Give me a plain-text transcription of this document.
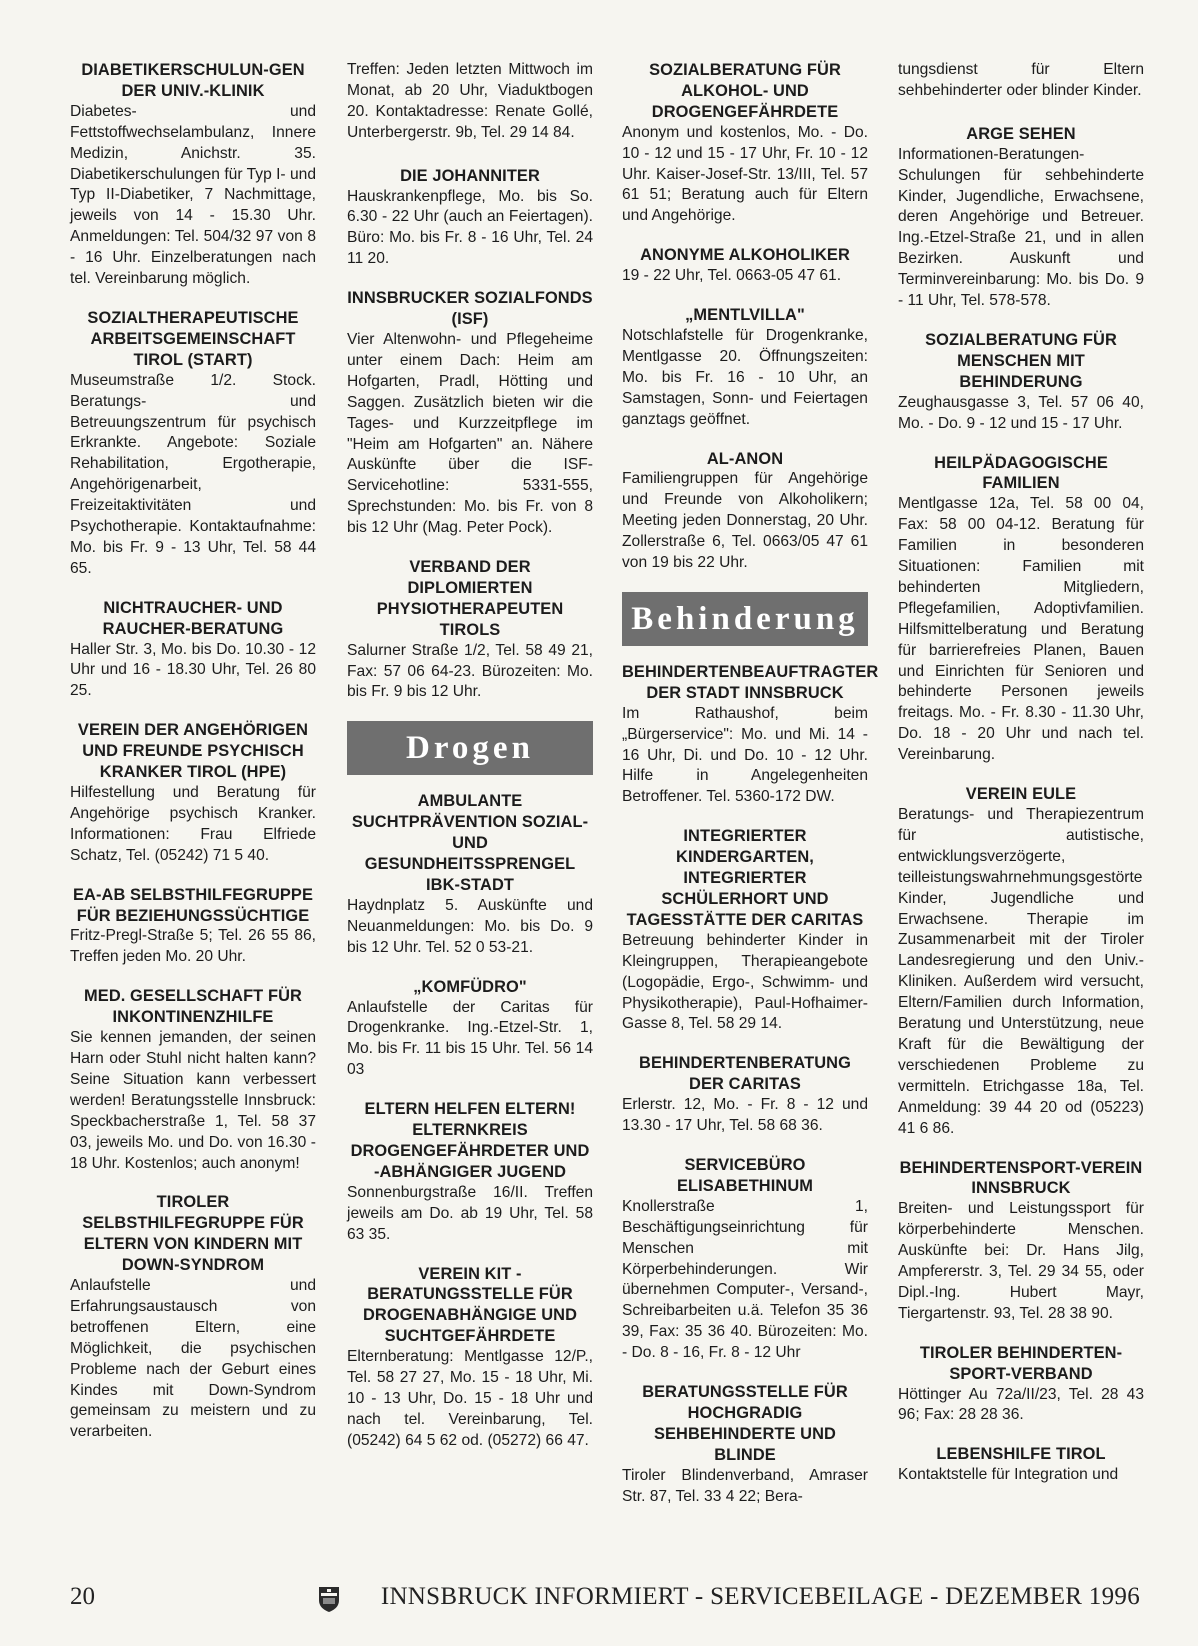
DIABETIKERSCHULUN-GEN DER UNIV.-KLINIK

Diabetes- und Fettstoffwechselambulanz, Innere Medizin, Anichstr. 35. Diabetikerschulungen für Typ I- und Typ II-Diabetiker, 7 Nachmittage, jeweils von 14 - 15.30 Uhr. Anmeldungen: Tel. 504/32 97 von 8 - 16 Uhr. Einzelberatungen nach tel. Vereinbarung möglich.

SOZIALTHERAPEUTISCHE ARBEITSGEMEINSCHAFT TIROL (START)

Museumstraße 1/2. Stock. Beratungs- und Betreuungszentrum für psychisch Erkrankte. Angebote: Soziale Rehabilitation, Ergotherapie, Angehörigenarbeit, Freizeitaktivitäten und Psychotherapie. Kontaktaufnahme: Mo. bis Fr. 9 - 13 Uhr, Tel. 58 44 65.

NICHTRAUCHER- UND RAUCHER-BERATUNG

Haller Str. 3, Mo. bis Do. 10.30 - 12 Uhr und 16 - 18.30 Uhr, Tel. 26 80 25.

VEREIN DER ANGEHÖRIGEN UND FREUNDE PSYCHISCH KRANKER TIROL (HPE)

Hilfestellung und Beratung für Angehörige psychisch Kranker. Informationen: Frau Elfriede Schatz, Tel. (05242) 71 5 40.

EA-AB SELBSTHILFEGRUPPE FÜR BEZIEHUNGSSÜCHTIGE

Fritz-Pregl-Straße 5; Tel. 26 55 86, Treffen jeden Mo. 20 Uhr.

MED. GESELLSCHAFT FÜR INKONTINENZHILFE

Sie kennen jemanden, der seinen Harn oder Stuhl nicht halten kann? Seine Situation kann verbessert werden! Beratungsstelle Innsbruck: Speckbacherstraße 1, Tel. 58 37 03, jeweils Mo. und Do. von 16.30 - 18 Uhr. Kostenlos; auch anonym!

TIROLER SELBSTHILFEGRUPPE FÜR ELTERN VON KINDERN MIT DOWN-SYNDROM

Anlaufstelle und Erfahrungsaustausch von betroffenen Eltern, eine Möglichkeit, die psychischen Probleme nach der Geburt eines Kindes mit Down-Syndrom gemeinsam zu meistern und zu verarbeiten.

Treffen: Jeden letzten Mittwoch im Monat, ab 20 Uhr, Viaduktbogen 20. Kontaktadresse: Renate Gollé, Unterbergerstr. 9b, Tel. 29 14 84.

DIE JOHANNITER

Hauskrankenpflege, Mo. bis So. 6.30 - 22 Uhr (auch an Feiertagen). Büro: Mo. bis Fr. 8 - 16 Uhr, Tel. 24 11 20.

INNSBRUCKER SOZIALFONDS (ISF)

Vier Altenwohn- und Pflegeheime unter einem Dach: Heim am Hofgarten, Pradl, Hötting und Saggen. Zusätzlich bieten wir die Tages- und Kurzzeitpflege im "Heim am Hofgarten" an. Nähere Auskünfte über die ISF-Servicehotline: 5331-555, Sprechstunden: Mo. bis Fr. von 8 bis 12 Uhr (Mag. Peter Pock).

VERBAND DER DIPLOMIERTEN PHYSIOTHERAPEUTEN TIROLS

Salurner Straße 1/2, Tel. 58 49 21, Fax: 57 06 64-23. Bürozeiten: Mo. bis Fr. 9 bis 12 Uhr.

Drogen
AMBULANTE SUCHTPRÄVENTION SOZIAL- UND GESUNDHEITSSPRENGEL IBK-STADT

Haydnplatz 5. Auskünfte und Neuanmeldungen: Mo. bis Do. 9 bis 12 Uhr. Tel. 52 0 53-21.

„KOMFÜDRO"

Anlaufstelle der Caritas für Drogenkranke. Ing.-Etzel-Str. 1, Mo. bis Fr. 11 bis 15 Uhr. Tel. 56 14 03

ELTERN HELFEN ELTERN! ELTERNKREIS DROGENGEFÄHRDETER UND -ABHÄNGIGER JUGEND

Sonnenburgstraße 16/II. Treffen jeweils am Do. ab 19 Uhr, Tel. 58 63 35.

VEREIN KIT - BERATUNGSSTELLE FÜR DROGENABHÄNGIGE UND SUCHTGEFÄHRDETE

Elternberatung: Mentlgasse 12/P., Tel. 58 27 27, Mo. 15 - 18 Uhr, Mi. 10 - 13 Uhr, Do. 15 - 18 Uhr und nach tel. Vereinbarung, Tel. (05242) 64 5 62 od. (05272) 66 47.

SOZIALBERATUNG FÜR ALKOHOL- UND DROGENGEFÄHRDETE

Anonym und kostenlos, Mo. - Do. 10 - 12 und 15 - 17 Uhr, Fr. 10 - 12 Uhr. Kaiser-Josef-Str. 13/III, Tel. 57 61 51; Beratung auch für Eltern und Angehörige.

ANONYME ALKOHOLIKER

19 - 22 Uhr, Tel. 0663-05 47 61.

„MENTLVILLA"

Notschlafstelle für Drogenkranke, Mentlgasse 20. Öffnungszeiten: Mo. bis Fr. 16 - 10 Uhr, an Samstagen, Sonn- und Feiertagen ganztags geöffnet.

AL-ANON

Familiengruppen für Angehörige und Freunde von Alkoholikern; Meeting jeden Donnerstag, 20 Uhr. Zollerstraße 6, Tel. 0663/05 47 61 von 19 bis 22 Uhr.

Behinderung
BEHINDERTENBEAUFTRAGTER DER STADT INNSBRUCK

Im Rathaushof, beim „Bürgerservice": Mo. und Mi. 14 - 16 Uhr, Di. und Do. 10 - 12 Uhr. Hilfe in Angelegenheiten Betroffener. Tel. 5360-172 DW.

INTEGRIERTER KINDERGARTEN, INTEGRIERTER SCHÜLERHORT UND TAGESSTÄTTE DER CARITAS

Betreuung behinderter Kinder in Kleingruppen, Therapieangebote (Logopädie, Ergo-, Schwimm- und Physikotherapie), Paul-Hofhaimer-Gasse 8, Tel. 58 29 14.

BEHINDERTENBERATUNG DER CARITAS

Erlerstr. 12, Mo. - Fr. 8 - 12 und 13.30 - 17 Uhr, Tel. 58 68 36.

SERVICEBÜRO ELISABETHINUM

Knollerstraße 1, Beschäftigungseinrichtung für Menschen mit Körperbehinderungen. Wir übernehmen Computer-, Versand-, Schreibarbeiten u.ä. Telefon 35 36 39, Fax: 35 36 40. Bürozeiten: Mo. - Do. 8 - 16, Fr. 8 - 12 Uhr

BERATUNGSSTELLE FÜR HOCHGRADIG SEHBEHINDERTE UND BLINDE

Tiroler Blindenverband, Amraser Str. 87, Tel. 33 4 22; Bera-

tungsdienst für Eltern sehbehinderter oder blinder Kinder.

ARGE SEHEN

Informationen-Beratungen-Schulungen für sehbehinderte Kinder, Jugendliche, Erwachsene, deren Angehörige und Betreuer. Ing.-Etzel-Straße 21, und in allen Bezirken. Auskunft und Terminvereinbarung: Mo. bis Do. 9 - 11 Uhr, Tel. 578-578.

SOZIALBERATUNG FÜR MENSCHEN MIT BEHINDERUNG

Zeughausgasse 3, Tel. 57 06 40, Mo. - Do. 9 - 12 und 15 - 17 Uhr.

HEILPÄDAGOGISCHE FAMILIEN

Mentlgasse 12a, Tel. 58 00 04, Fax: 58 00 04-12. Beratung für Familien in besonderen Situationen: Familien mit behinderten Mitgliedern, Pflegefamilien, Adoptivfamilien. Hilfsmittelberatung und Beratung für barrierefreies Planen, Bauen und Einrichten für Senioren und behinderte Personen jeweils freitags. Mo. - Fr. 8.30 - 11.30 Uhr, Do. 18 - 20 Uhr und nach tel. Vereinbarung.

VEREIN EULE

Beratungs- und Therapiezentrum für autistische, entwicklungsverzögerte, teilleistungswahrnehmungsgestörte Kinder, Jugendliche und Erwachsene. Therapie im Zusammenarbeit mit der Tiroler Landesregierung und den Univ.-Kliniken. Außerdem wird versucht, Eltern/Familien durch Information, Beratung und Unterstützung, neue Kraft für die Bewältigung der verschiedenen Probleme zu vermitteln. Etrichgasse 18a, Tel. Anmeldung: 39 44 20 od (05223) 41 6 86.

BEHINDERTENSPORT-VEREIN INNSBRUCK

Breiten- und Leistungssport für körperbehinderte Menschen. Auskünfte bei: Dr. Hans Jilg, Ampfererstr. 3, Tel. 29 34 55, oder Dipl.-Ing. Hubert Mayr, Tiergartenstr. 93, Tel. 28 38 90.

TIROLER BEHINDERTEN-SPORT-VERBAND

Höttinger Au 72a/II/23, Tel. 28 43 96; Fax: 28 28 36.

LEBENSHILFE TIROL

Kontaktstelle für Integration und

20	INNSBRUCK INFORMIERT - SERVICEBEILAGE - DEZEMBER 1996
